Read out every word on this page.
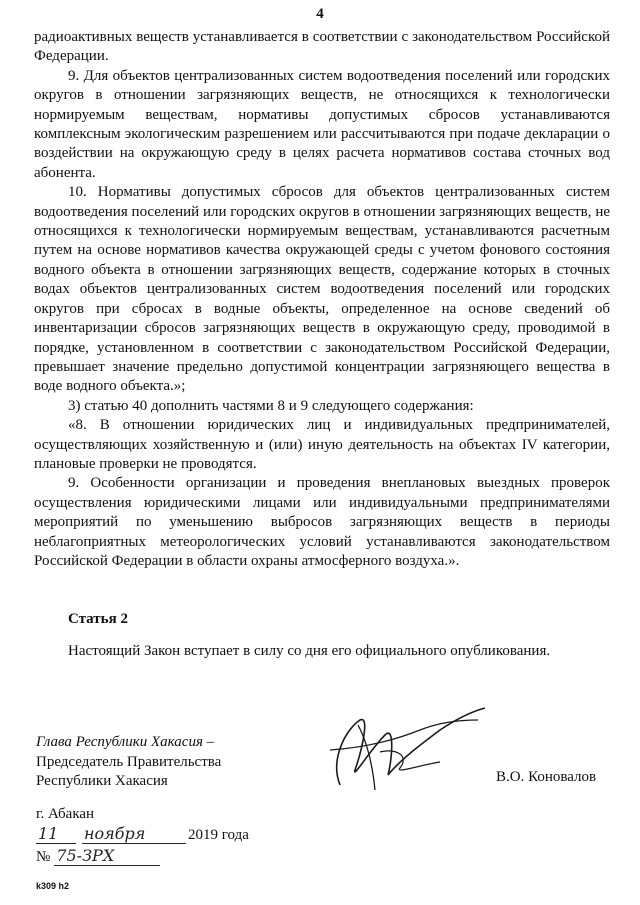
4

радиоактивных веществ устанавливается в соответствии с законодательством Российской Федерации.

9. Для объектов централизованных систем водоотведения поселений или городских округов в отношении загрязняющих веществ, не относящихся к технологически нормируемым веществам, нормативы допустимых сбросов устанавливаются комплексным экологическим разрешением или рассчитываются при подаче декларации о воздействии на окружающую среду в целях расчета нормативов состава сточных вод абонента.

10. Нормативы допустимых сбросов для объектов централизованных систем водоотведения поселений или городских округов в отношении загрязняющих веществ, не относящихся к технологически нормируемым веществам, устанавливаются расчетным путем на основе нормативов качества окружающей среды с учетом фонового состояния водного объекта в отношении загрязняющих веществ, содержание которых в сточных водах объектов централизованных систем водоотведения поселений или городских округов при сбросах в водные объекты, определенное на основе сведений об инвентаризации сбросов загрязняющих веществ в окружающую среду, проводимой в порядке, установленном в соответствии с законодательством Российской Федерации, превышает значение предельно допустимой концентрации загрязняющего вещества в воде водного объекта.»;

3) статью 40 дополнить частями 8 и 9 следующего содержания:

«8. В отношении юридических лиц и индивидуальных предпринимателей, осуществляющих хозяйственную и (или) иную деятельность на объектах IV категории, плановые проверки не проводятся.

9. Особенности организации и проведения внеплановых выездных проверок осуществления юридическими лицами или индивидуальными предпринимателями мероприятий по уменьшению выбросов загрязняющих веществ в периоды неблагоприятных метеорологических условий устанавливаются законодательством Российской Федерации в области охраны атмосферного воздуха.».

Статья 2
Настоящий Закон вступает в силу со дня его официального опубликования.
Глава Республики Хакасия –
Председатель Правительства
Республики Хакасия	В.О. Коновалов
г. Абакан
11	ноября	2019 года
№ 75-ЗРХ
k309 h2
